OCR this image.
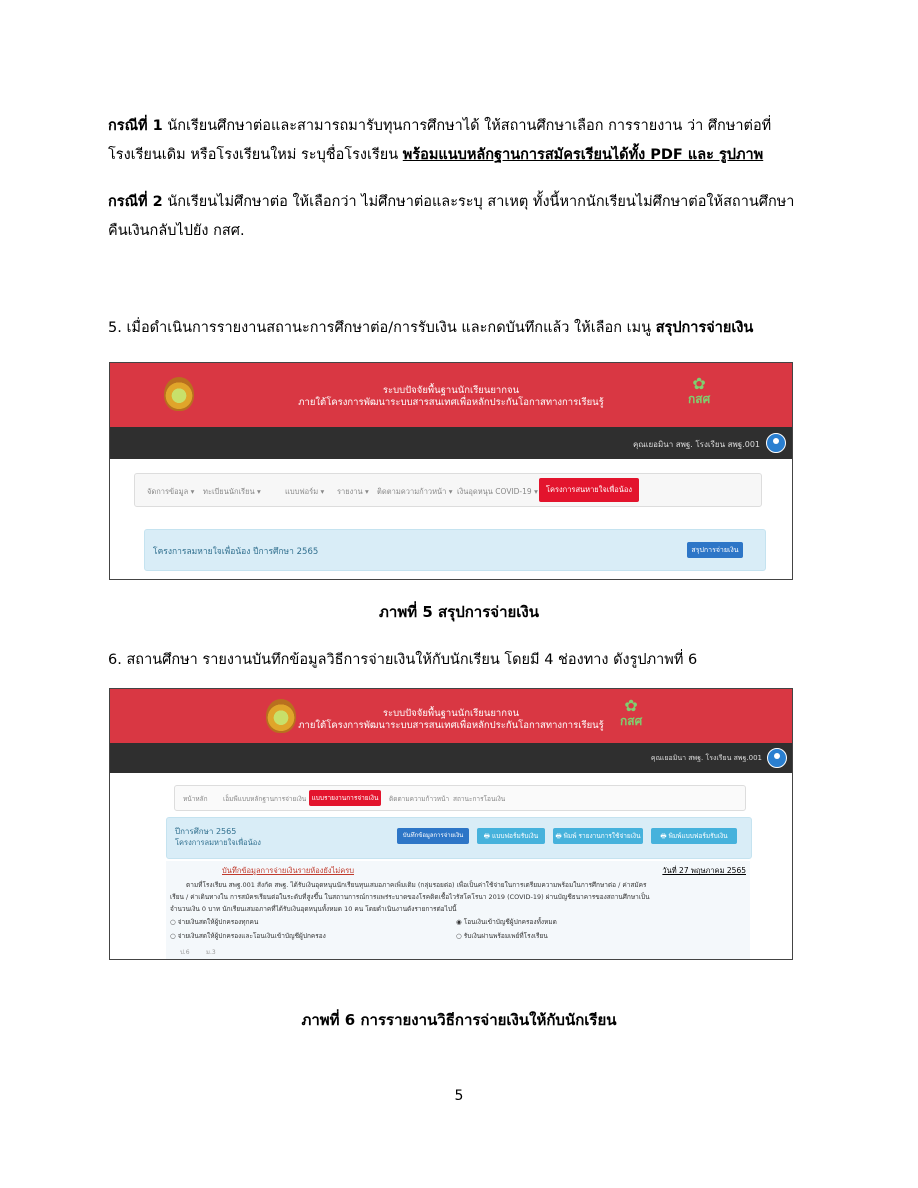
กรณีที่ 1 นักเรียนศึกษาต่อและสามารถมารับทุนการศึกษาได้ ให้สถานศึกษาเลือก การรายงาน ว่า ศึกษาต่อที่
โรงเรียนเดิม หรือโรงเรียนใหม่ ระบุชื่อโรงเรียน พร้อมแนบหลักฐานการสมัครเรียนได้ทั้ง PDF และ รูปภาพ
กรณีที่ 2 นักเรียนไม่ศึกษาต่อ ให้เลือกว่า ไม่ศึกษาต่อและระบุ สาเหตุ ทั้งนี้หากนักเรียนไม่ศึกษาต่อให้สถานศึกษา
คืนเงินกลับไปยัง กสศ.
5. เมื่อดำเนินการรายงานสถานะการศึกษาต่อ/การรับเงิน และกดบันทึกแล้ว ให้เลือก เมนู สรุปการจ่ายเงิน
ระบบปัจจัยพื้นฐานนักเรียนยากจน
ภายใต้โครงการพัฒนาระบบสารสนเทศเพื่อหลักประกันโอกาสทางการเรียนรู้
✿
กสศ
คุณเยอมินา สพฐ. โรงเรียน สพฐ.001
จัดการข้อมูล ▾ ทะเบียนนักเรียน ▾	แบบฟอร์ม ▾ รายงาน ▾ ติดตามความก้าวหน้า ▾ เงินอุดหนุน COVID-19 ▾	โครงการสนหายใจเพื่อน้อง
โครงการลมหายใจเพื่อน้อง ปีการศึกษา 2565	สรุปการจ่ายเงิน
ภาพที่ 5 สรุปการจ่ายเงิน
6. สถานศึกษา รายงานบันทึกข้อมูลวิธีการจ่ายเงินให้กับนักเรียน โดยมี 4 ช่องทาง ดังรูปภาพที่ 6
ระบบปัจจัยพื้นฐานนักเรียนยากจน
ภายใต้โครงการพัฒนาระบบสารสนเทศเพื่อหลักประกันโอกาสทางการเรียนรู้
✿
กสศ
คุณเยอมินา สพฐ. โรงเรียน สพฐ.001
หน้าหลัก เอ็มพีแบบหลักฐานการจ่ายเงิน แบบรายงานการจ่ายเงิน	ติดตามความก้าวหน้า สถานะการโอนเงิน
ปีการศึกษา 2565
โครงการลมหายใจเพื่อน้อง
บันทึกข้อมูลการจ่ายเงิน	🖶 แบบฟอร์มรับเงิน	🖶 พิมพ์ รายงานการใช้จ่ายเงิน	🖶 พิมพ์แบบฟอร์มรับเงิน
บันทึกข้อมูลการจ่ายเงินรายห้องยังไม่ครบ	วันที่ 27 พฤษภาคม 2565
ตามที่โรงเรียน สพฐ.001 สังกัด สพฐ. ได้รับเงินอุดหนุนนักเรียนทุนเสมอภาคเพิ่มเติม (กลุ่มรอยต่อ) เพื่อเป็นค่าใช้จ่ายในการเตรียมความพร้อมในการศึกษาต่อ / ค่าสมัคร
เรียน / ค่าเดินทางใน การสมัครเรียนต่อในระดับที่สูงขึ้น ในสถานการณ์การแพร่ระบาดของโรคติดเชื้อไวรัสโคโรนา 2019 (COVID-19) ผ่านบัญชีธนาคารของสถานศึกษาเป็น
จำนวนเงิน 0 บาท นักเรียนเสมอภาคที่ได้รับเงินอุดหนุนทั้งหมด 10 คน โดยดำเนินงานดังรายการต่อไปนี้
○ จ่ายเงินสดให้ผู้ปกครองทุกคน	◉ โอนเงินเข้าบัญชีผู้ปกครองทั้งหมด
○ จ่ายเงินสดให้ผู้ปกครองและโอนเงินเข้าบัญชีผู้ปกครอง	○ รับเงินผ่านพร้อมเพย์ที่โรงเรียน
ป.6	ม.3
ภาพที่ 6 การรายงานวิธีการจ่ายเงินให้กับนักเรียน
5
